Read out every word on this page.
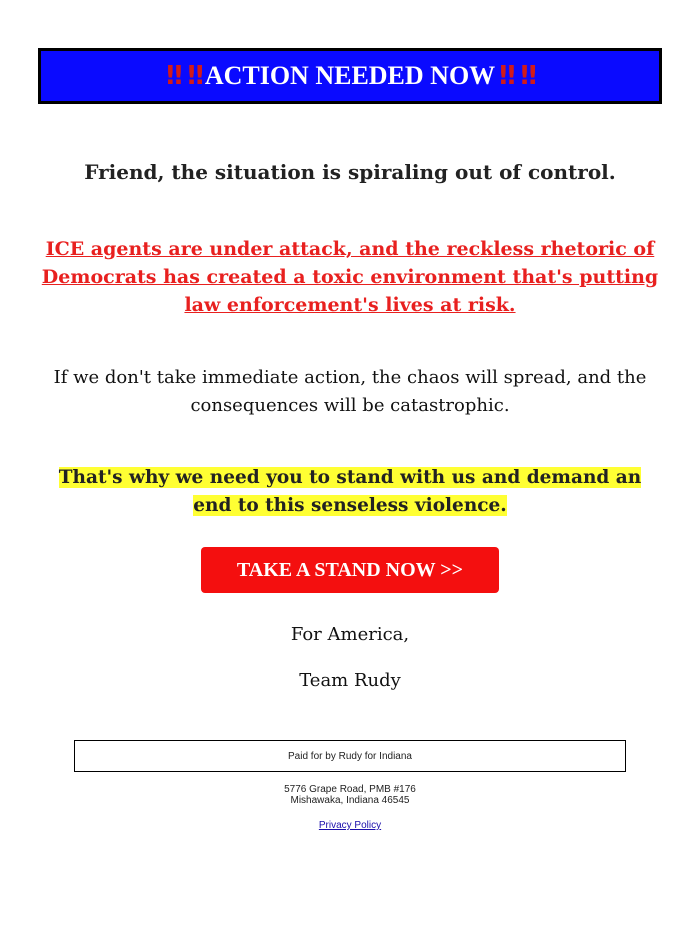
‼ ‼ ACTION NEEDED NOW ‼ ‼
Friend, the situation is spiraling out of control.
ICE agents are under attack, and the reckless rhetoric of Democrats has created a toxic environment that's putting law enforcement's lives at risk.
If we don't take immediate action, the chaos will spread, and the consequences will be catastrophic.
That's why we need you to stand with us and demand an end to this senseless violence.
TAKE A STAND NOW >>
For America,
Team Rudy
Paid for by Rudy for Indiana
5776 Grape Road, PMB #176
Mishawaka, Indiana 46545
Privacy Policy
